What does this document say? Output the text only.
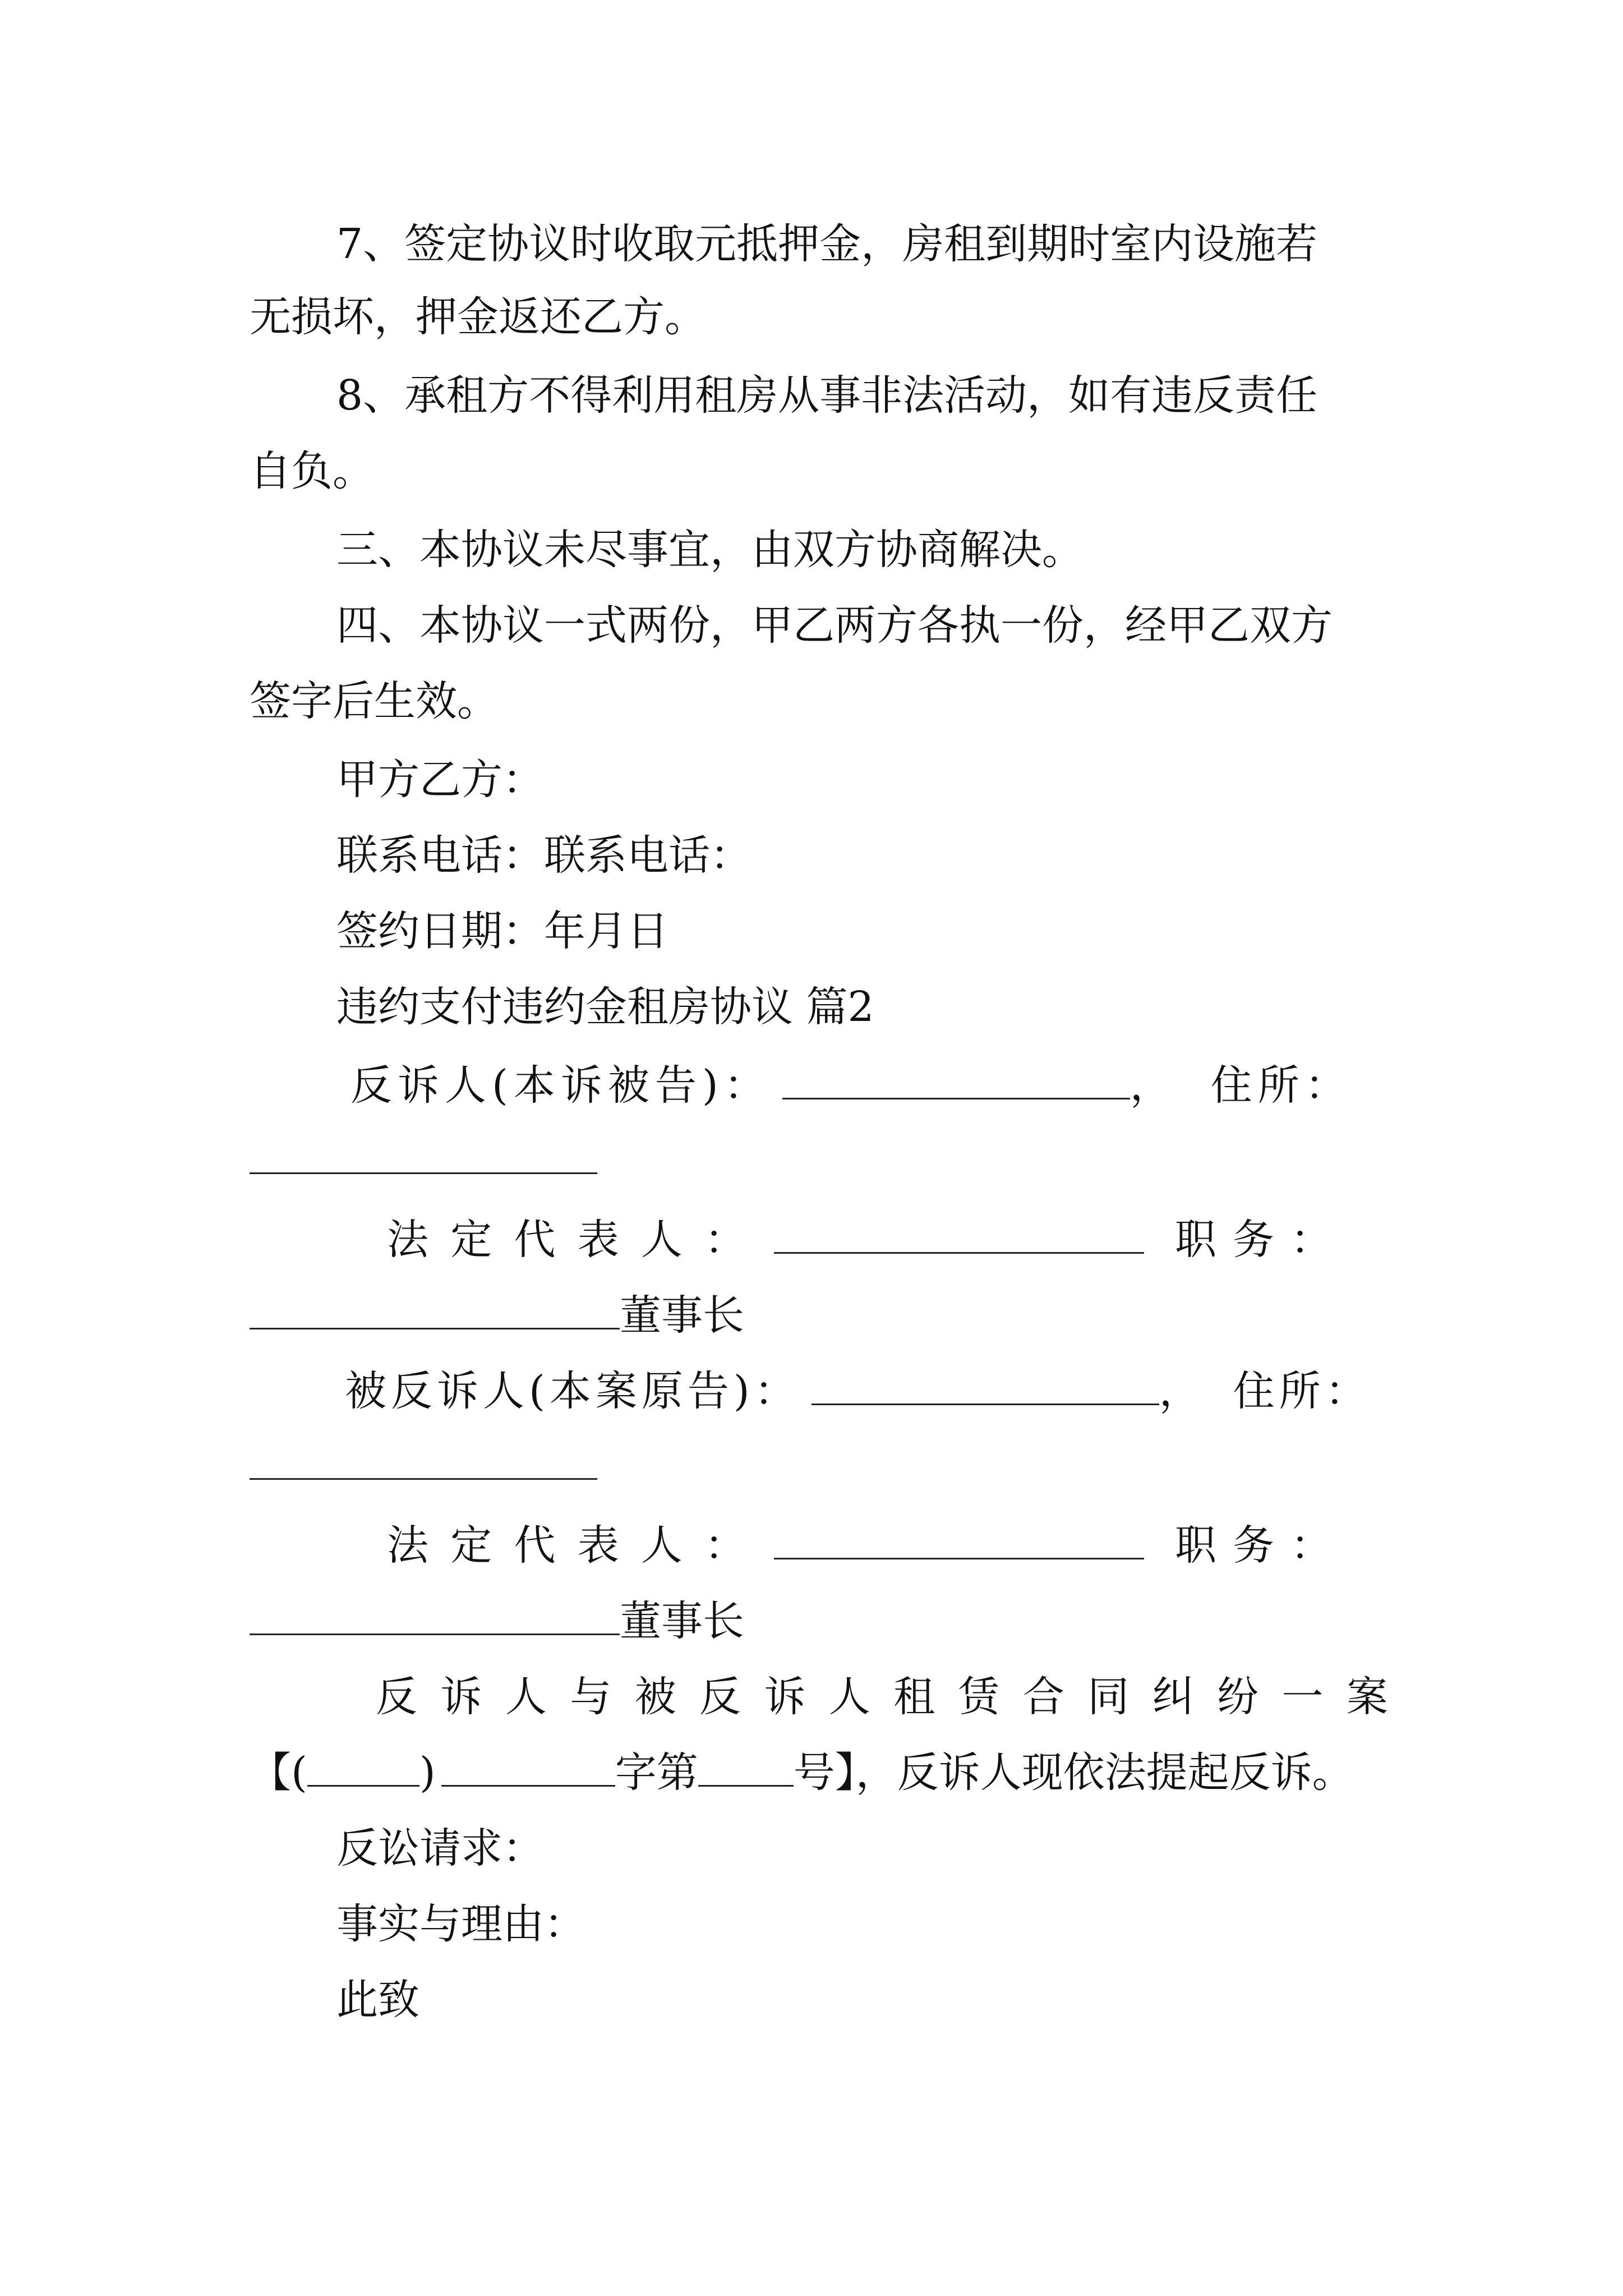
7、签定协议时收取元抵押金，房租到期时室内设施若
无损坏，押金返还乙方。
8、承租方不得利用租房从事非法活动，如有违反责任
自负。
三、本协议未尽事宜，由双方协商解决。
四、本协议一式两份，甲乙两方各执一份，经甲乙双方
签字后生效。
甲方乙方：
联系电话：联系电话：
签约日期：年月日
违约支付违约金租房协议 篇2
反诉人(本诉被告)：	， 住所：
法 定 代 表 人 ：	职 务 ：
董事长
被反诉人(本案原告)：	， 住所：
法 定 代 表 人 ：	职 务 ：
董事长
反 诉 人 与 被 反 诉 人 租 赁 合 同 纠 纷 一 案
【(	)	字第 号】，反诉人现依法提起反诉。
反讼请求：
事实与理由：
此致
